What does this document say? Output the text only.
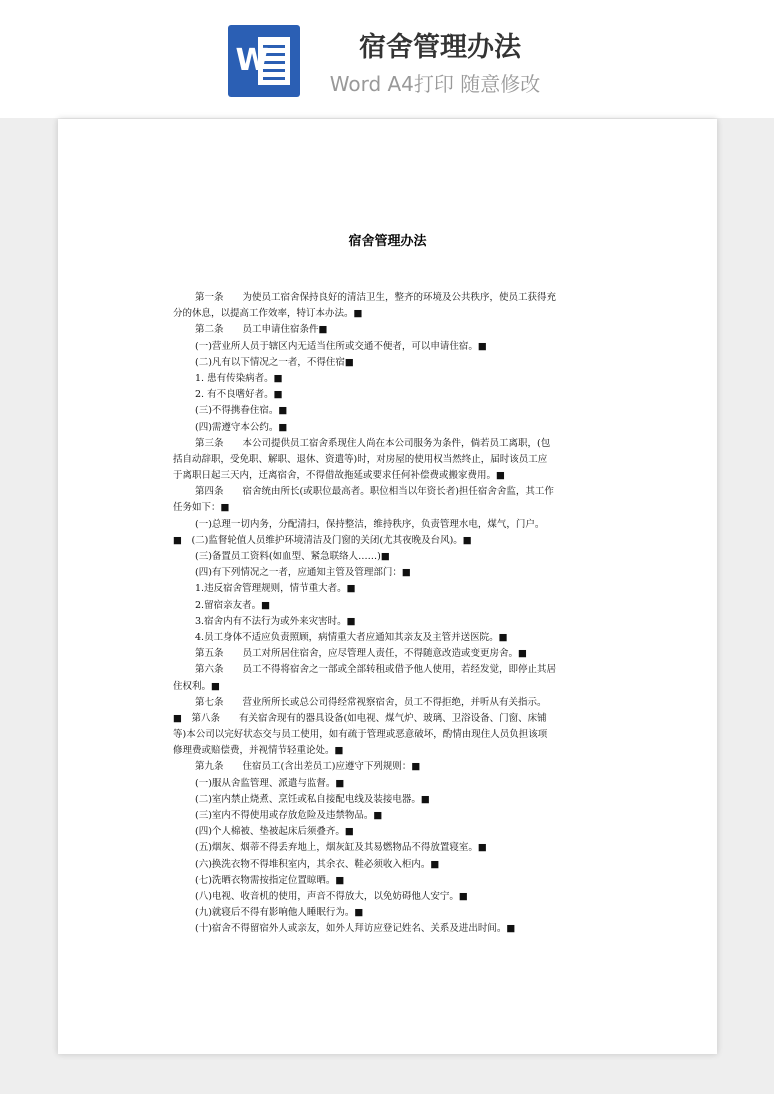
W	宿舍管理办法
Word A4打印 随意修改
宿舍管理办法
第一条　　为使员工宿舍保持良好的清洁卫生，整齐的环境及公共秩序，使员工获得充
分的休息，以提高工作效率，特订本办法。■
第二条　　员工申请住宿条件■
(一)营业所人员于辖区内无适当住所或交通不便者，可以申请住宿。■
(二)凡有以下情况之一者，不得住宿■
1. 患有传染病者。■
2. 有不良嗜好者。■
(三)不得携眷住宿。■
(四)需遵守本公约。■
第三条　　本公司提供员工宿舍系现住人尚在本公司服务为条件，倘若员工离职，(包
括自动辞职，受免职、解职、退休、资遣等)时，对房屋的使用权当然终止，届时该员工应
于离职日起三天内，迁离宿舍，不得借故拖延或要求任何补偿费或搬家费用。■
第四条　　宿舍统由所长(或职位最高者。职位相当以年资长者)担任宿舍舍监，其工作
任务如下：■
(一)总理一切内务，分配清扫，保持整洁，维持秩序，负责管理水电，煤气，门户。
■　(二)监督轮值人员维护环境清洁及门窗的关闭(尤其夜晚及台风)。■
(三)备置员工资料(如血型、紧急联络人……)■
(四)有下列情况之一者，应通知主管及管理部门：■
1.违反宿舍管理规则，情节重大者。■
2.留宿亲友者。■
3.宿舍内有不法行为或外来灾害时。■
4.员工身体不适应负责照顾，病情重大者应通知其亲友及主管并送医院。■
第五条　　员工对所居住宿舍，应尽管理人责任，不得随意改造或变更房舍。■
第六条　　员工不得将宿舍之一部或全部转租或借予他人使用，若经发觉，即停止其居
住权利。■
第七条　　营业所所长或总公司得经常视察宿舍，员工不得拒绝，并听从有关指示。
■　第八条　　有关宿舍现有的器具设备(如电视、煤气炉、玻璃、卫浴设备、门窗、床铺
等)本公司以完好状态交与员工使用，如有疏于管理或恶意破坏，酌情由现住人员负担该项
修理费或赔偿费，并视情节轻重论处。■
第九条　　住宿员工(含出差员工)应遵守下列规则：■
(一)服从舍监管理、派遣与监督。■
(二)室内禁止烧煮、烹饪或私自接配电线及装接电器。■
(三)室内不得使用或存放危险及违禁物品。■
(四)个人棉被、垫被起床后须叠齐。■
(五)烟灰、烟蒂不得丢弃地上，烟灰缸及其易燃物品不得放置寝室。■
(六)换洗衣物不得堆积室内，其余衣、鞋必须收入柜内。■
(七)洗晒衣物需按指定位置晾晒。■
(八)电视、收音机的使用，声音不得放大，以免妨碍他人安宁。■
(九)就寝后不得有影响他人睡眠行为。■
(十)宿舍不得留宿外人或亲友，如外人拜访应登记姓名、关系及进出时间。■
